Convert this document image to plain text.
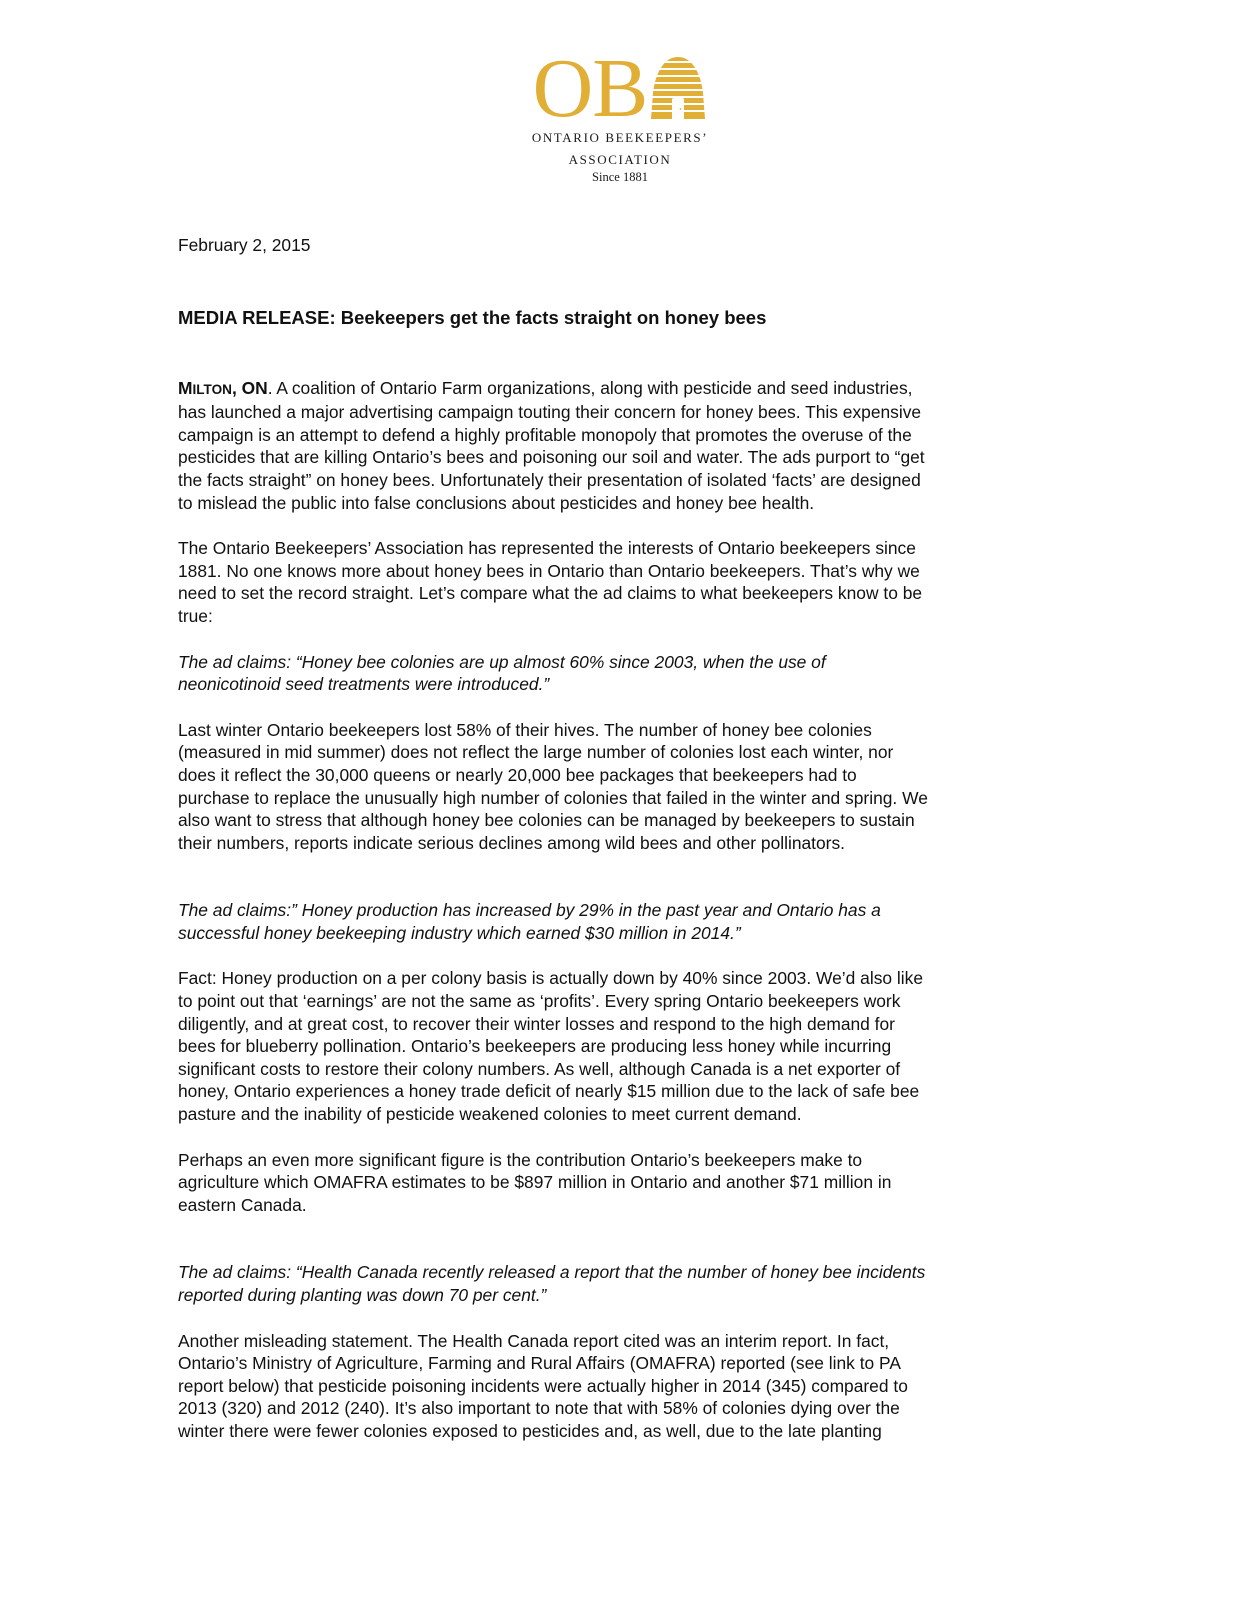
OB
ONTARIO BEEKEEPERS’
ASSOCIATION
Since 1881

February 2, 2015

MEDIA RELEASE: Beekeepers get the facts straight on honey bees

MILTON, ON. A coalition of Ontario Farm organizations, along with pesticide and seed industries,
has launched a major advertising campaign touting their concern for honey bees. This expensive
campaign is an attempt to defend a highly profitable monopoly that promotes the overuse of the
pesticides that are killing Ontario’s bees and poisoning our soil and water. The ads purport to “get
the facts straight” on honey bees. Unfortunately their presentation of isolated ‘facts’ are designed
to mislead the public into false conclusions about pesticides and honey bee health.

The Ontario Beekeepers’ Association has represented the interests of Ontario beekeepers since
1881. No one knows more about honey bees in Ontario than Ontario beekeepers. That’s why we
need to set the record straight. Let’s compare what the ad claims to what beekeepers know to be
true:

The ad claims: “Honey bee colonies are up almost 60% since 2003, when the use of
neonicotinoid seed treatments were introduced.”

Last winter Ontario beekeepers lost 58% of their hives. The number of honey bee colonies
(measured in mid summer) does not reflect the large number of colonies lost each winter, nor
does it reflect the 30,000 queens or nearly 20,000 bee packages that beekeepers had to
purchase to replace the unusually high number of colonies that failed in the winter and spring. We
also want to stress that although honey bee colonies can be managed by beekeepers to sustain
their numbers, reports indicate serious declines among wild bees and other pollinators.

The ad claims:” Honey production has increased by 29% in the past year and Ontario has a
successful honey beekeeping industry which earned $30 million in 2014.”

Fact: Honey production on a per colony basis is actually down by 40% since 2003. We’d also like
to point out that ‘earnings’ are not the same as ‘profits’. Every spring Ontario beekeepers work
diligently, and at great cost, to recover their winter losses and respond to the high demand for
bees for blueberry pollination. Ontario’s beekeepers are producing less honey while incurring
significant costs to restore their colony numbers. As well, although Canada is a net exporter of
honey, Ontario experiences a honey trade deficit of nearly $15 million due to the lack of safe bee
pasture and the inability of pesticide weakened colonies to meet current demand.

Perhaps an even more significant figure is the contribution Ontario’s beekeepers make to
agriculture which OMAFRA estimates to be $897 million in Ontario and another $71 million in
eastern Canada.

The ad claims: “Health Canada recently released a report that the number of honey bee incidents
reported during planting was down 70 per cent.”

Another misleading statement. The Health Canada report cited was an interim report. In fact,
Ontario’s Ministry of Agriculture, Farming and Rural Affairs (OMAFRA) reported (see link to PA
report below) that pesticide poisoning incidents were actually higher in 2014 (345) compared to
2013 (320) and 2012 (240). It’s also important to note that with 58% of colonies dying over the
winter there were fewer colonies exposed to pesticides and, as well, due to the late planting
